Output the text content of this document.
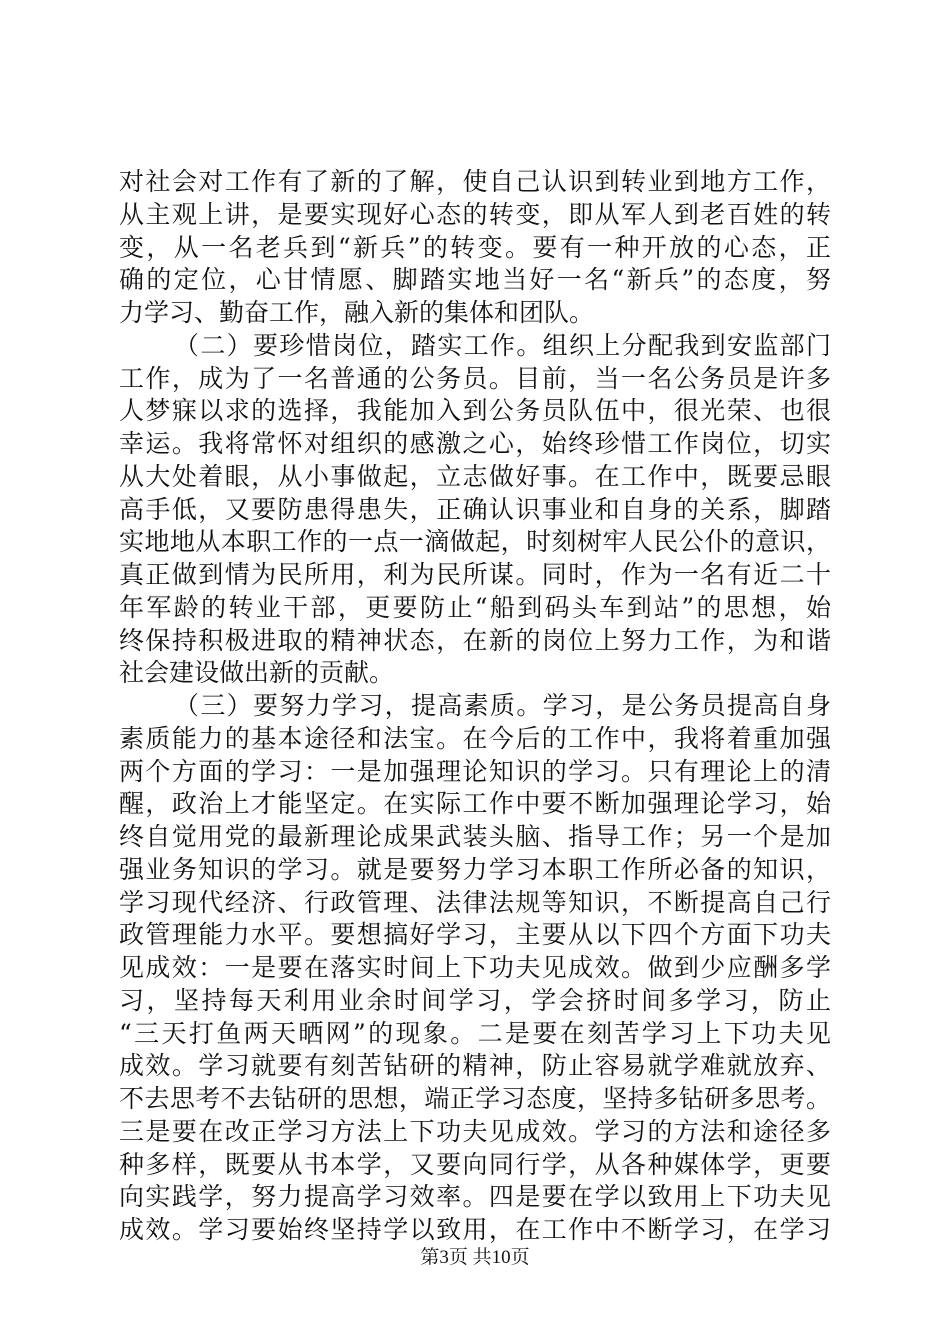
对社会对工作有了新的了解，使自己认识到转业到地方工作，
从主观上讲，是要实现好心态的转变，即从军人到老百姓的转
变，从一名老兵到“新兵”的转变。要有一种开放的心态，正
确的定位，心甘情愿、脚踏实地当好一名“新兵”的态度，努
力学习、勤奋工作，融入新的集体和团队。
（二）要珍惜岗位，踏实工作。组织上分配我到安监部门
工作，成为了一名普通的公务员。目前，当一名公务员是许多
人梦寐以求的选择，我能加入到公务员队伍中，很光荣、也很
幸运。我将常怀对组织的感激之心，始终珍惜工作岗位，切实
从大处着眼，从小事做起，立志做好事。在工作中，既要忌眼
高手低，又要防患得患失，正确认识事业和自身的关系，脚踏
实地地从本职工作的一点一滴做起，时刻树牢人民公仆的意识，
真正做到情为民所用，利为民所谋。同时，作为一名有近二十
年军龄的转业干部，更要防止“船到码头车到站”的思想，始
终保持积极进取的精神状态，在新的岗位上努力工作，为和谐
社会建设做出新的贡献。
（三）要努力学习，提高素质。学习，是公务员提高自身
素质能力的基本途径和法宝。在今后的工作中，我将着重加强
两个方面的学习：一是加强理论知识的学习。只有理论上的清
醒，政治上才能坚定。在实际工作中要不断加强理论学习，始
终自觉用党的最新理论成果武装头脑、指导工作；另一个是加
强业务知识的学习。就是要努力学习本职工作所必备的知识，
学习现代经济、行政管理、法律法规等知识，不断提高自己行
政管理能力水平。要想搞好学习，主要从以下四个方面下功夫
见成效：一是要在落实时间上下功夫见成效。做到少应酬多学
习，坚持每天利用业余时间学习，学会挤时间多学习，防止
“三天打鱼两天晒网”的现象。二是要在刻苦学习上下功夫见
成效。学习就要有刻苦钻研的精神，防止容易就学难就放弃、
不去思考不去钻研的思想，端正学习态度，坚持多钻研多思考。
三是要在改正学习方法上下功夫见成效。学习的方法和途径多
种多样，既要从书本学，又要向同行学，从各种媒体学，更要
向实践学，努力提高学习效率。四是要在学以致用上下功夫见
成效。学习要始终坚持学以致用，在工作中不断学习，在学习
第3页 共10页
